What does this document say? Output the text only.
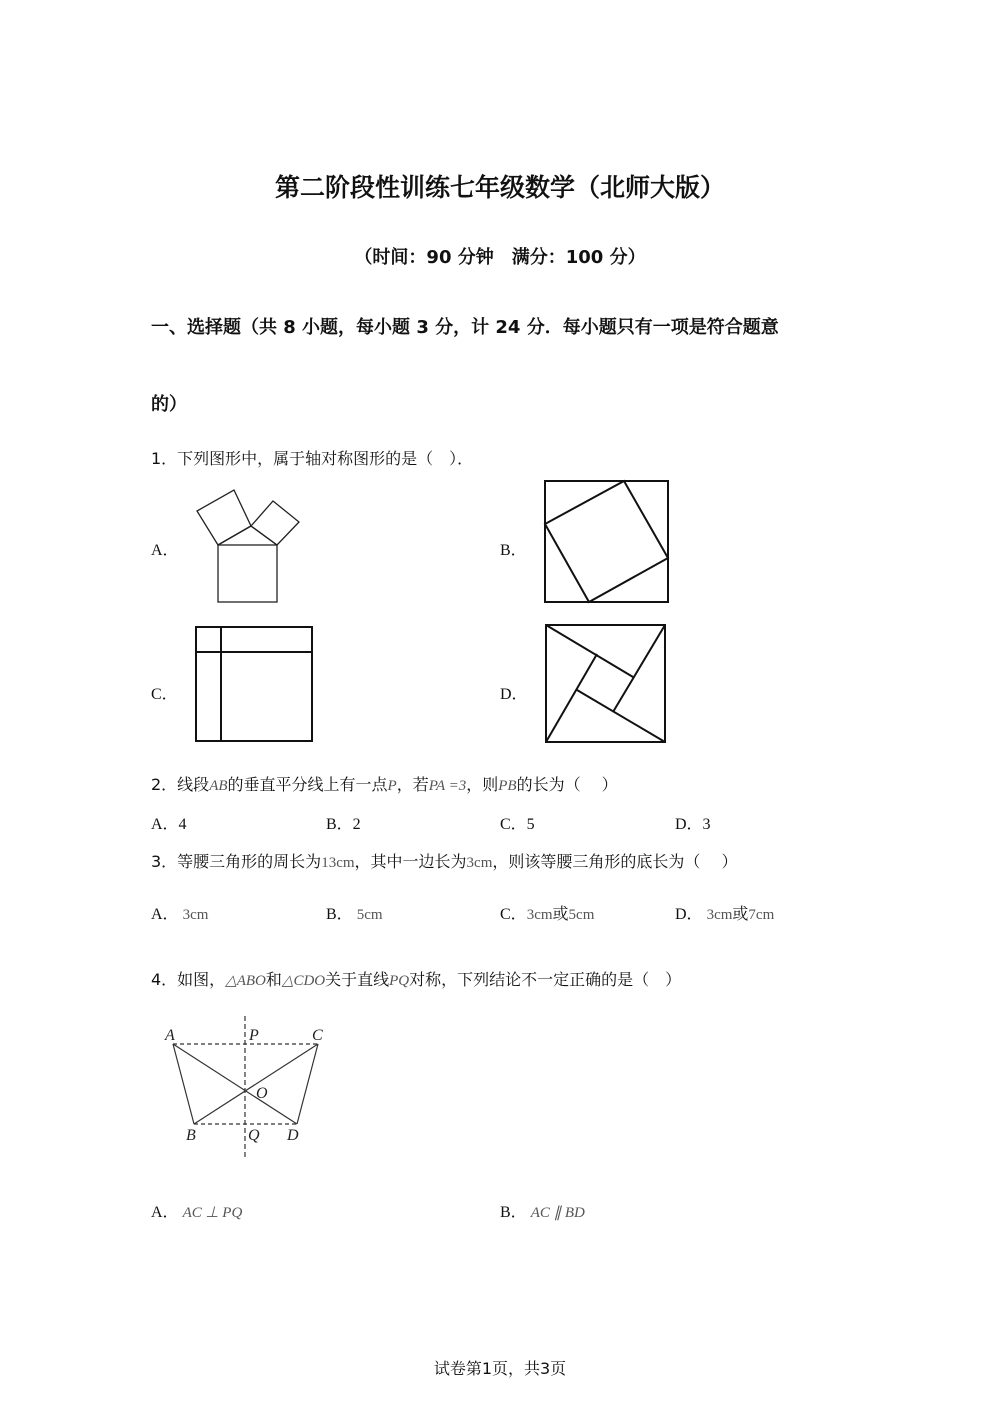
第二阶段性训练七年级数学（北师大版）
（时间：90 分钟　满分：100 分）
一、选择题（共 8 小题，每小题 3 分，计 24 分．每小题只有一项是符合题意
的）
1．下列图形中，属于轴对称图形的是（　）．
A．	B．
C．	D．
2．线段AB的垂直平分线上有一点P，若PA =3，则PB的长为（　 ）
A．4	B．2	C．5	D．3
3．等腰三角形的周长为13cm，其中一边长为3cm，则该等腰三角形的底长为（　 ）
A． 3cm	B． 5cm	C．3cm或5cm	D． 3cm或7cm
4．如图，△ABO和△CDO关于直线PQ对称，下列结论不一定正确的是（　）
A	P	C
O
B	Q D
A． AC ⊥ PQ	B． AC ∥ BD
试卷第1页，共3页
